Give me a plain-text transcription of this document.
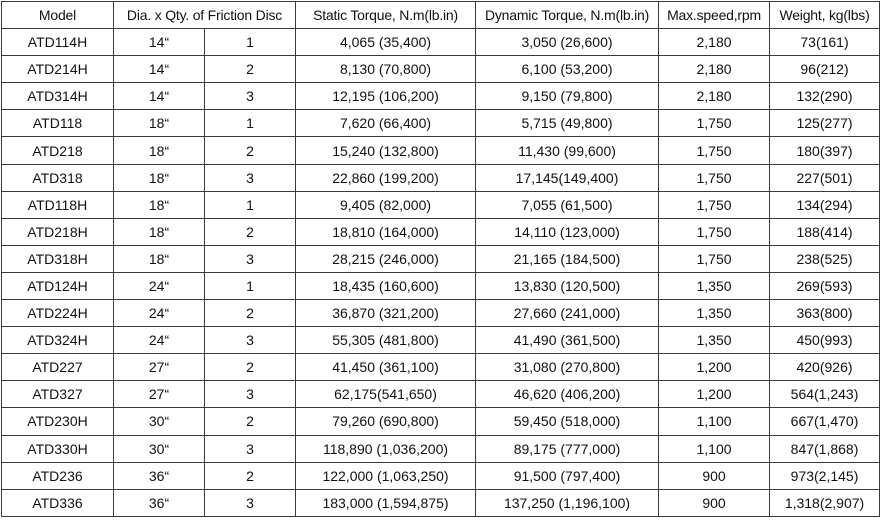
Model	Dia. x Qty. of Friction Disc		Static Torque, N.m(lb.in)	Dynamic Torque, N.m(lb.in)	Max.speed,rpm	Weight, kg(lbs)
ATD114H	14“	1	4,065 (35,400)	3,050 (26,600)	2,180	73(161)
ATD214H	14“	2	8,130 (70,800)	6,100 (53,200)	2,180	96(212)
ATD314H	14“	3	12,195 (106,200)	9,150 (79,800)	2,180	132(290)
ATD118	18“	1	7,620 (66,400)	5,715 (49,800)	1,750	125(277)
ATD218	18“	2	15,240 (132,800)	11,430 (99,600)	1,750	180(397)
ATD318	18“	3	22,860 (199,200)	17,145(149,400)	1,750	227(501)
ATD118H	18“	1	9,405 (82,000)	7,055 (61,500)	1,750	134(294)
ATD218H	18“	2	18,810 (164,000)	14,110 (123,000)	1,750	188(414)
ATD318H	18“	3	28,215 (246,000)	21,165 (184,500)	1,750	238(525)
ATD124H	24“	1	18,435 (160,600)	13,830 (120,500)	1,350	269(593)
ATD224H	24“	2	36,870 (321,200)	27,660 (241,000)	1,350	363(800)
ATD324H	24“	3	55,305 (481,800)	41,490 (361,500)	1,350	450(993)
ATD227	27“	2	41,450 (361,100)	31,080 (270,800)	1,200	420(926)
ATD327	27“	3	62,175(541,650)	46,620 (406,200)	1,200	564(1,243)
ATD230H	30“	2	79,260 (690,800)	59,450 (518,000)	1,100	667(1,470)
ATD330H	30“	3	118,890 (1,036,200)	89,175 (777,000)	1,100	847(1,868)
ATD236	36“	2	122,000 (1,063,250)	91,500 (797,400)	900	973(2,145)
ATD336	36“	3	183,000 (1,594,875)	137,250 (1,196,100)	900	1,318(2,907)
